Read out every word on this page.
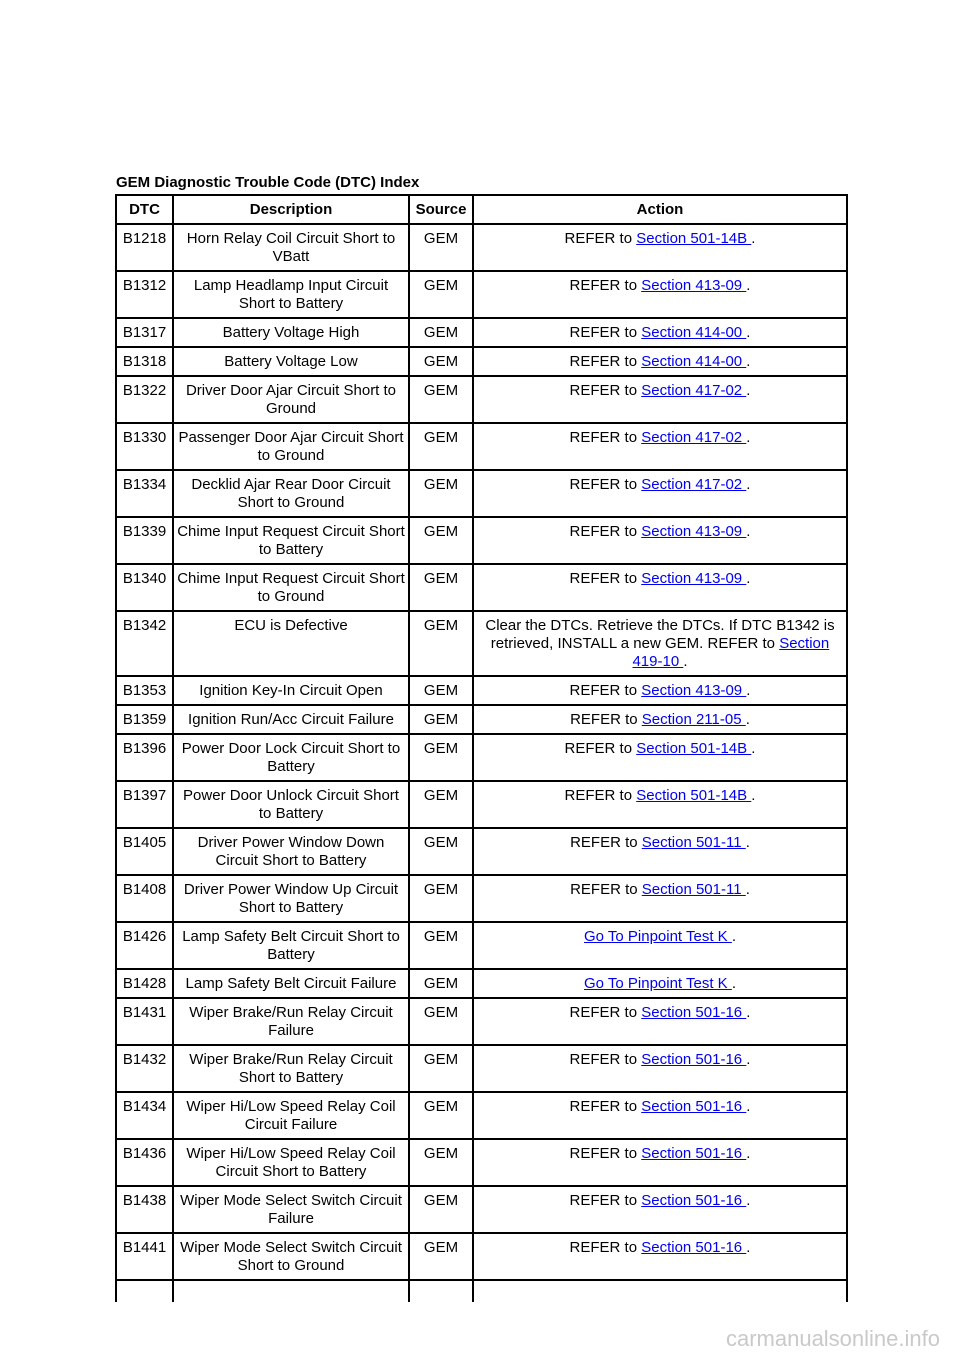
GEM Diagnostic Trouble Code (DTC) Index
DTC	Description	Source	Action
B1218	Horn Relay Coil Circuit Short to VBatt	GEM	REFER to Section 501-14B .
B1312	Lamp Headlamp Input Circuit Short to Battery	GEM	REFER to Section 413-09 .
B1317	Battery Voltage High	GEM	REFER to Section 414-00 .
B1318	Battery Voltage Low	GEM	REFER to Section 414-00 .
B1322	Driver Door Ajar Circuit Short to Ground	GEM	REFER to Section 417-02 .
B1330	Passenger Door Ajar Circuit Short to Ground	GEM	REFER to Section 417-02 .
B1334	Decklid Ajar Rear Door Circuit Short to Ground	GEM	REFER to Section 417-02 .
B1339	Chime Input Request Circuit Short to Battery	GEM	REFER to Section 413-09 .
B1340	Chime Input Request Circuit Short to Ground	GEM	REFER to Section 413-09 .
B1342	ECU is Defective	GEM	Clear the DTCs. Retrieve the DTCs. If DTC B1342 is retrieved, INSTALL a new GEM. REFER to Section 419-10 .
B1353	Ignition Key-In Circuit Open	GEM	REFER to Section 413-09 .
B1359	Ignition Run/Acc Circuit Failure	GEM	REFER to Section 211-05 .
B1396	Power Door Lock Circuit Short to Battery	GEM	REFER to Section 501-14B .
B1397	Power Door Unlock Circuit Short to Battery	GEM	REFER to Section 501-14B .
B1405	Driver Power Window Down Circuit Short to Battery	GEM	REFER to Section 501-11 .
B1408	Driver Power Window Up Circuit Short to Battery	GEM	REFER to Section 501-11 .
B1426	Lamp Safety Belt Circuit Short to Battery	GEM	Go To Pinpoint Test K .
B1428	Lamp Safety Belt Circuit Failure	GEM	Go To Pinpoint Test K .
B1431	Wiper Brake/Run Relay Circuit Failure	GEM	REFER to Section 501-16 .
B1432	Wiper Brake/Run Relay Circuit Short to Battery	GEM	REFER to Section 501-16 .
B1434	Wiper Hi/Low Speed Relay Coil Circuit Failure	GEM	REFER to Section 501-16 .
B1436	Wiper Hi/Low Speed Relay Coil Circuit Short to Battery	GEM	REFER to Section 501-16 .
B1438	Wiper Mode Select Switch Circuit Failure	GEM	REFER to Section 501-16 .
B1441	Wiper Mode Select Switch Circuit Short to Ground	GEM	REFER to Section 501-16 .

carmanualsonline.info
